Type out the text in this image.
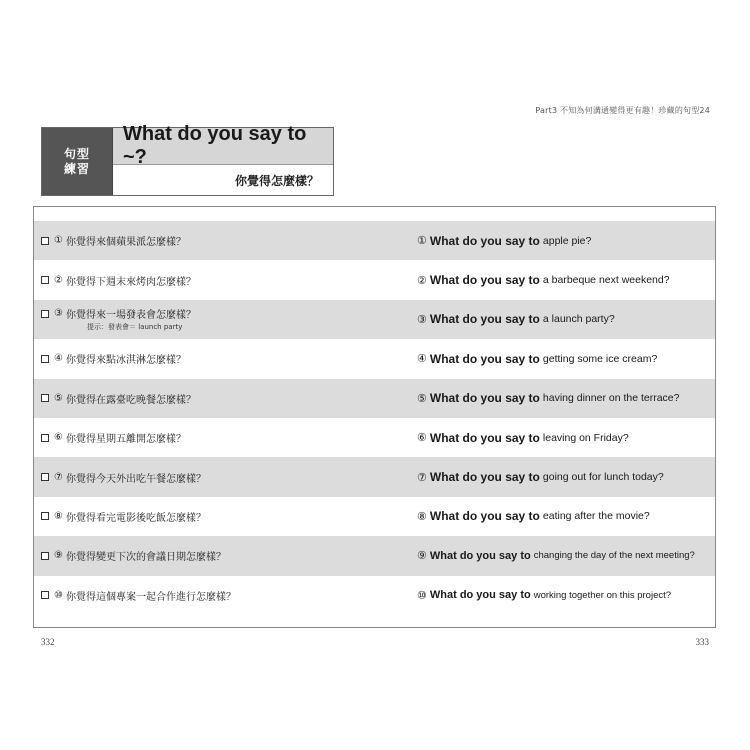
Part3 不知為何溝通變得更有趣！珍藏的句型24
句型
練習
What do you say to ~?
你覺得怎麼樣？
① 你覺得來個蘋果派怎麼樣？	① What do you say to apple pie?
② 你覺得下週末來烤肉怎麼樣？	② What do you say to a barbeque next weekend?
③ 你覺得來一場發表會怎麼樣？
提示：發表會＝ launch party
③ What do you say to a launch party?
④ 你覺得來點冰淇淋怎麼樣？	④ What do you say to getting some ice cream?
⑤ 你覺得在露臺吃晚餐怎麼樣？	⑤ What do you say to having dinner on the terrace?
⑥ 你覺得星期五離開怎麼樣？	⑥ What do you say to leaving on Friday?
⑦ 你覺得今天外出吃午餐怎麼樣？	⑦ What do you say to going out for lunch today?
⑧ 你覺得看完電影後吃飯怎麼樣？	⑧ What do you say to eating after the movie?
⑨ 你覺得變更下次的會議日期怎麼樣？	⑨ What do you say to changing the day of the next meeting?
⑩ 你覺得這個專案一起合作進行怎麼樣？	⑩ What do you say to working together on this project?
332	333
